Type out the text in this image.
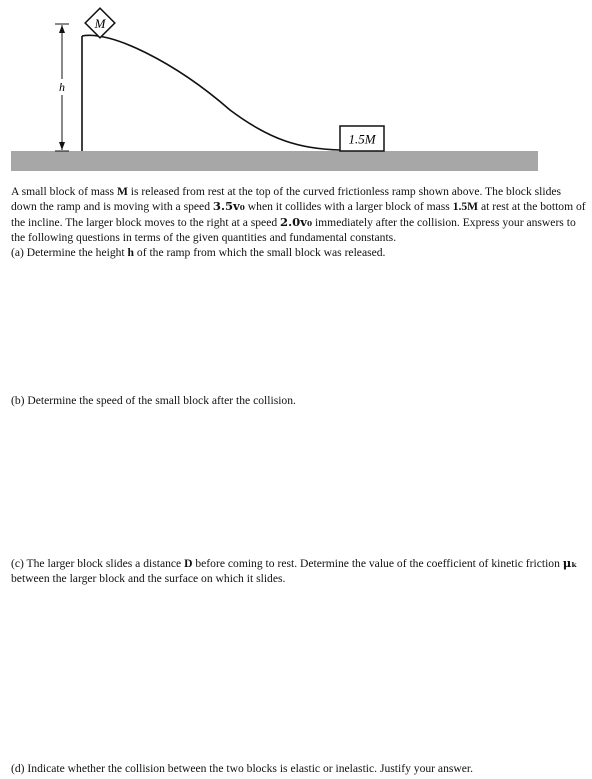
M
1.5M
h
A small block of mass M is released from rest at the top of the curved frictionless ramp shown above. The block slides down the ramp and is moving with a speed 3.5v₀ when it collides with a larger block of mass 1.5M at rest at the bottom of the incline. The larger block moves to the right at a speed 2.0v₀ immediately after the collision. Express your answers to the following questions in terms of the given quantities and fundamental constants.
(a) Determine the height h of the ramp from which the small block was released.
(b) Determine the speed of the small block after the collision.
(c) The larger block slides a distance D before coming to rest. Determine the value of the coefficient of kinetic friction μₖ between the larger block and the surface on which it slides.
(d) Indicate whether the collision between the two blocks is elastic or inelastic. Justify your answer.
